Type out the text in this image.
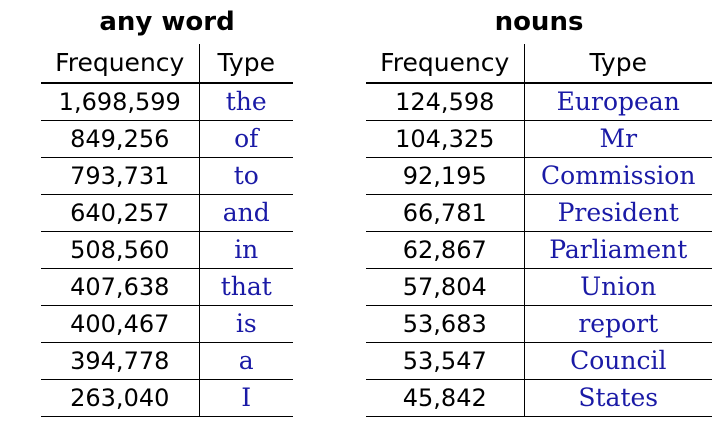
any word
Frequency	Type
1,698,599	the
849,256	of
793,731	to
640,257	and
508,560	in
407,638	that
400,467	is
394,778	a
263,040	I
nouns
Frequency	Type
124,598	European
104,325	Mr
92,195	Commission
66,781	President
62,867	Parliament
57,804	Union
53,683	report
53,547	Council
45,842	States
